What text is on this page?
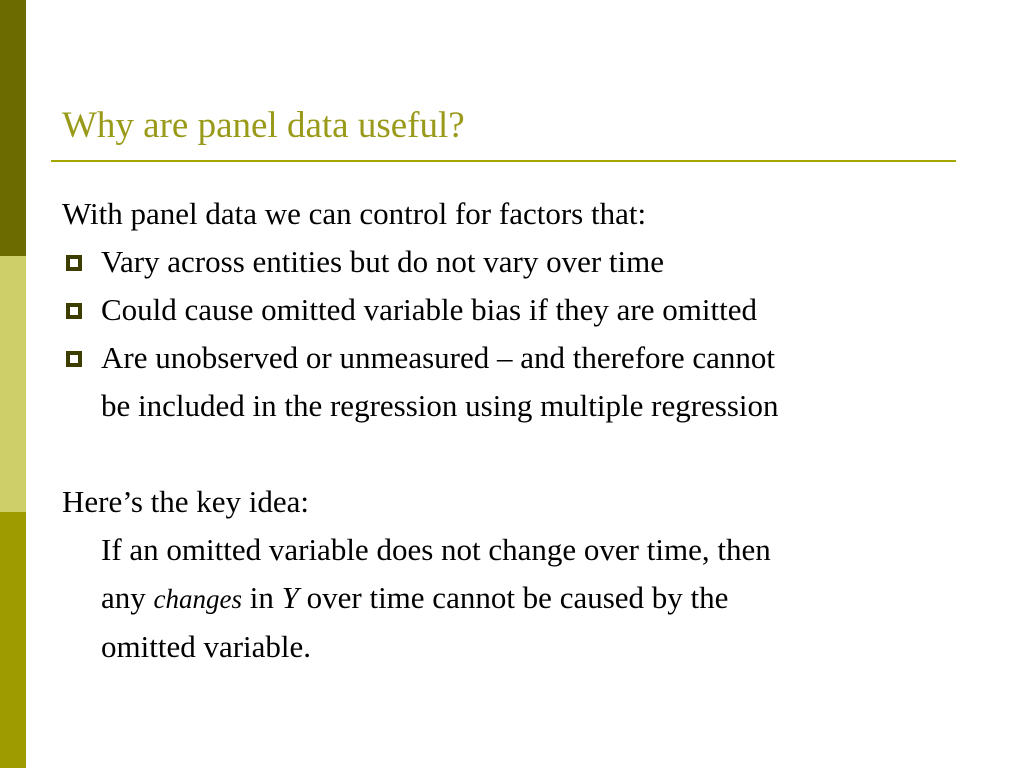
Why are panel data useful?
With panel data we can control for factors that:
Vary across entities but do not vary over time
Could cause omitted variable bias if they are omitted
Are unobserved or unmeasured – and therefore cannot
be included in the regression using multiple regression
Here’s the key idea:
If an omitted variable does not change over time, then
any changes in Y over time cannot be caused by the
omitted variable.
